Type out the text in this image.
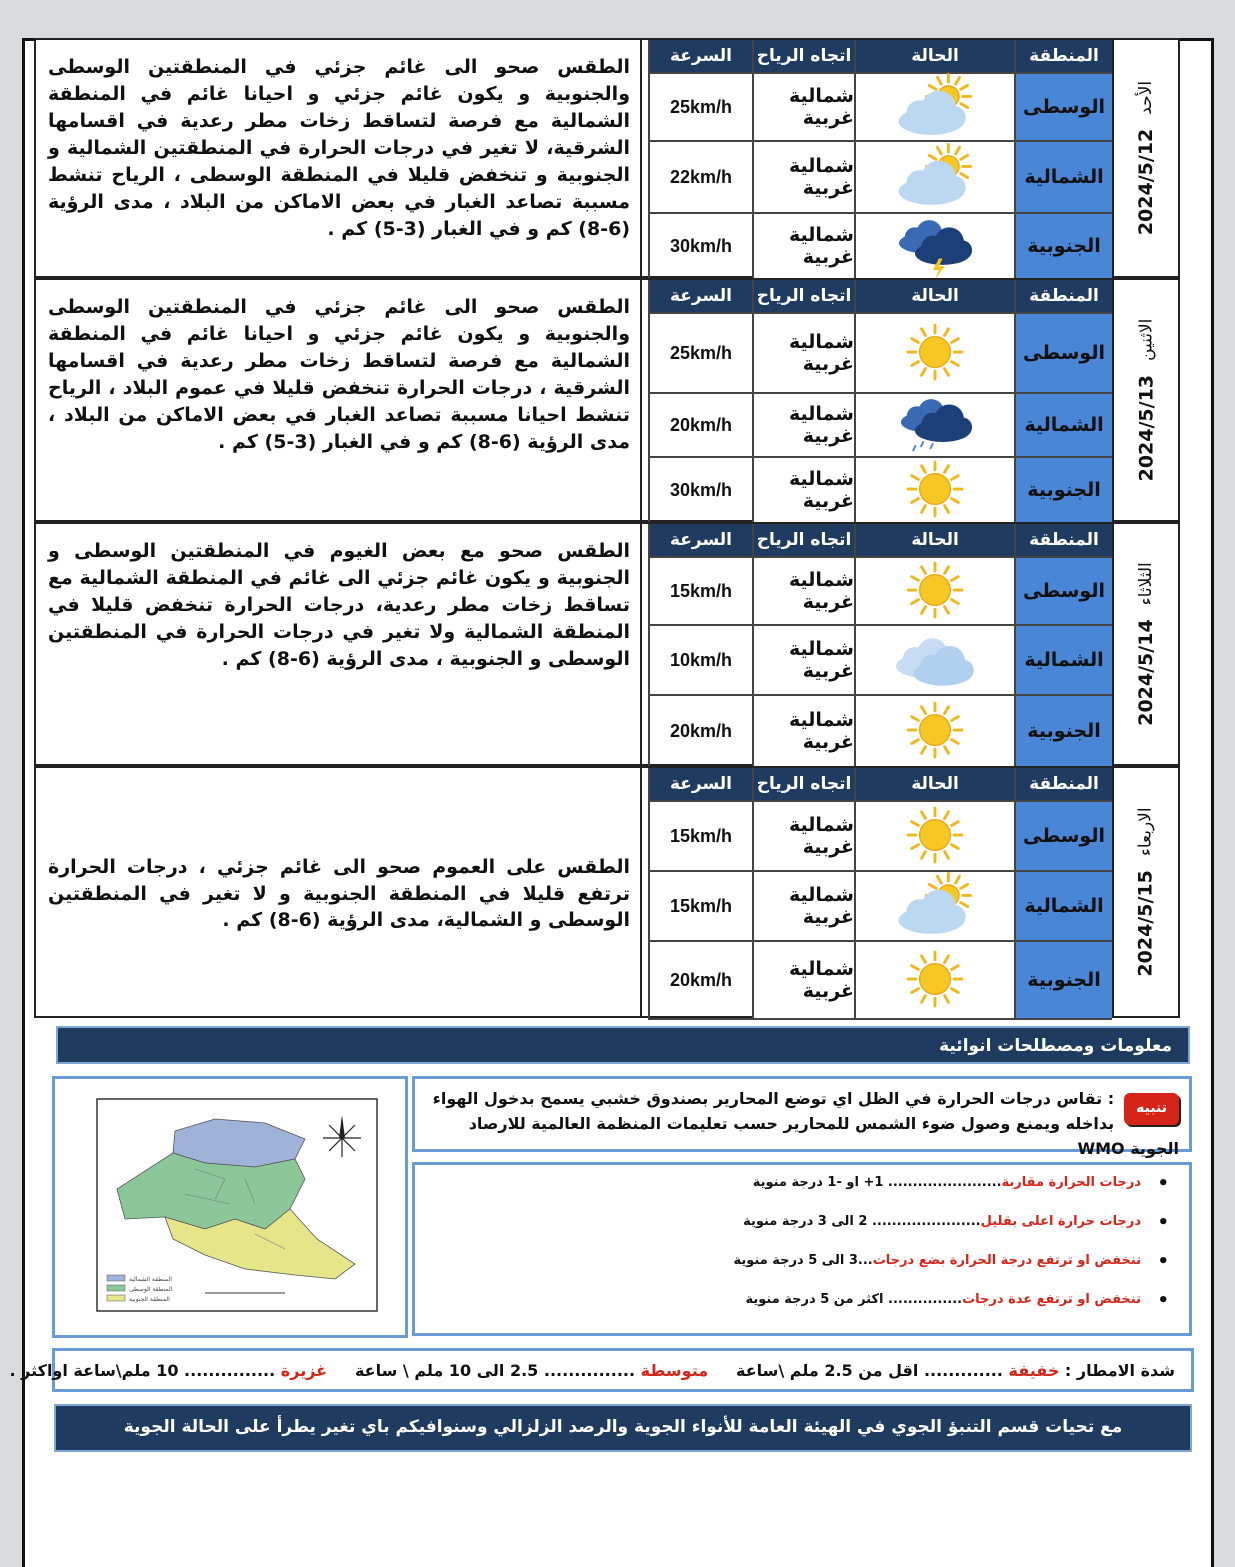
الطقس صحو الى غائم جزئي في المنطقتين الوسطى والجنوبية و يكون غائم جزئي و احيانا غائم في المنطقة الشمالية مع فرصة لتساقط زخات مطر رعدية في اقسامها الشرقية، لا تغير في درجات الحرارة في المنطقتين الشمالية و الجنوبية و تنخفض قليلا في المنطقة الوسطى ، الرياح تنشط مسببة تصاعد الغبار في بعض الاماكن من البلاد ، مدى الرؤية (6-8) كم و في الغبار (3-5) كم .
المنطقة
الحالة
اتجاه الرياح
السرعة
الوسطى
شمالية غربية
25km/h
الشمالية
شمالية غربية
22km/h
الجنوبية
شمالية غربية
30km/h
2024/5/12
الأحد
الطقس صحو الى غائم جزئي في المنطقتين الوسطى والجنوبية و يكون غائم جزئي و احيانا غائم في المنطقة الشمالية مع فرصة لتساقط زخات مطر رعدية في اقسامها الشرقية ، درجات الحرارة تنخفض قليلا في عموم البلاد ، الرياح تنشط احيانا مسببة تصاعد الغبار في بعض الاماكن من البلاد ، مدى الرؤية (6-8) كم و في الغبار (3-5) كم .
المنطقة
الحالة
اتجاه الرياح
السرعة
الوسطى
شمالية غربية
25km/h
الشمالية
شمالية غربية
20km/h
الجنوبية
شمالية غربية
30km/h
2024/5/13
الاثنين
الطقس صحو مع بعض الغيوم في المنطقتين الوسطى و الجنوبية و يكون غائم جزئي الى غائم في المنطقة الشمالية مع تساقط زخات مطر رعدية، درجات الحرارة تنخفض قليلا في المنطقة الشمالية ولا تغير في درجات الحرارة في المنطقتين الوسطى و الجنوبية ، مدى الرؤية (6-8) كم .
المنطقة
الحالة
اتجاه الرياح
السرعة
الوسطى
شمالية غربية
15km/h
الشمالية
شمالية غربية
10km/h
الجنوبية
شمالية غربية
20km/h
2024/5/14
الثلاثاء
الطقس على العموم صحو الى غائم جزئي ، درجات الحرارة ترتفع قليلا في المنطقة الجنوبية و لا تغير في المنطقتين الوسطى و الشمالية، مدى الرؤية (6-8) كم .
المنطقة
الحالة
اتجاه الرياح
السرعة
الوسطى
شمالية غربية
15km/h
الشمالية
شمالية غربية
15km/h
الجنوبية
شمالية غربية
20km/h
2024/5/15
الاربعاء
معلومات ومصطلحات انوائية
تنبيه
: تقاس درجات الحرارة في الظل اي توضع المحارير بصندوق خشبي يسمح بدخول الهواء بداخله ويمنع وصول ضوء الشمس للمحارير حسب تعليمات المنظمة العالمية للارصاد الجوية WMO
• درجات الحرارة مقاربة....................... 1+ او -1 درجة منوية
• درجات حرارة اعلى بقليل...................... 2 الى 3 درجة منوية
• تنخفض او ترتفع درجة الحرارة بضع درجات...3 الى 5 درجة منوية
• تنخفض او ترتفع عدة درجات............... اكثر من 5 درجة منوية
المنطقة الشمالية
المنطقة الوسطى
المنطقة الجنوبية
شدة الامطار : خفيفة ............. اقل من 2.5 ملم \ساعة     متوسطة ............... 2.5 الى 10 ملم \ ساعة     غزيرة ............... 10 ملم\ساعة اواكثر .
مع تحيات قسم التنبؤ الجوي في الهيئة العامة للأنواء الجوية والرصد الزلزالي وسنوافيكم باي تغير يطرأ على الحالة الجوية
